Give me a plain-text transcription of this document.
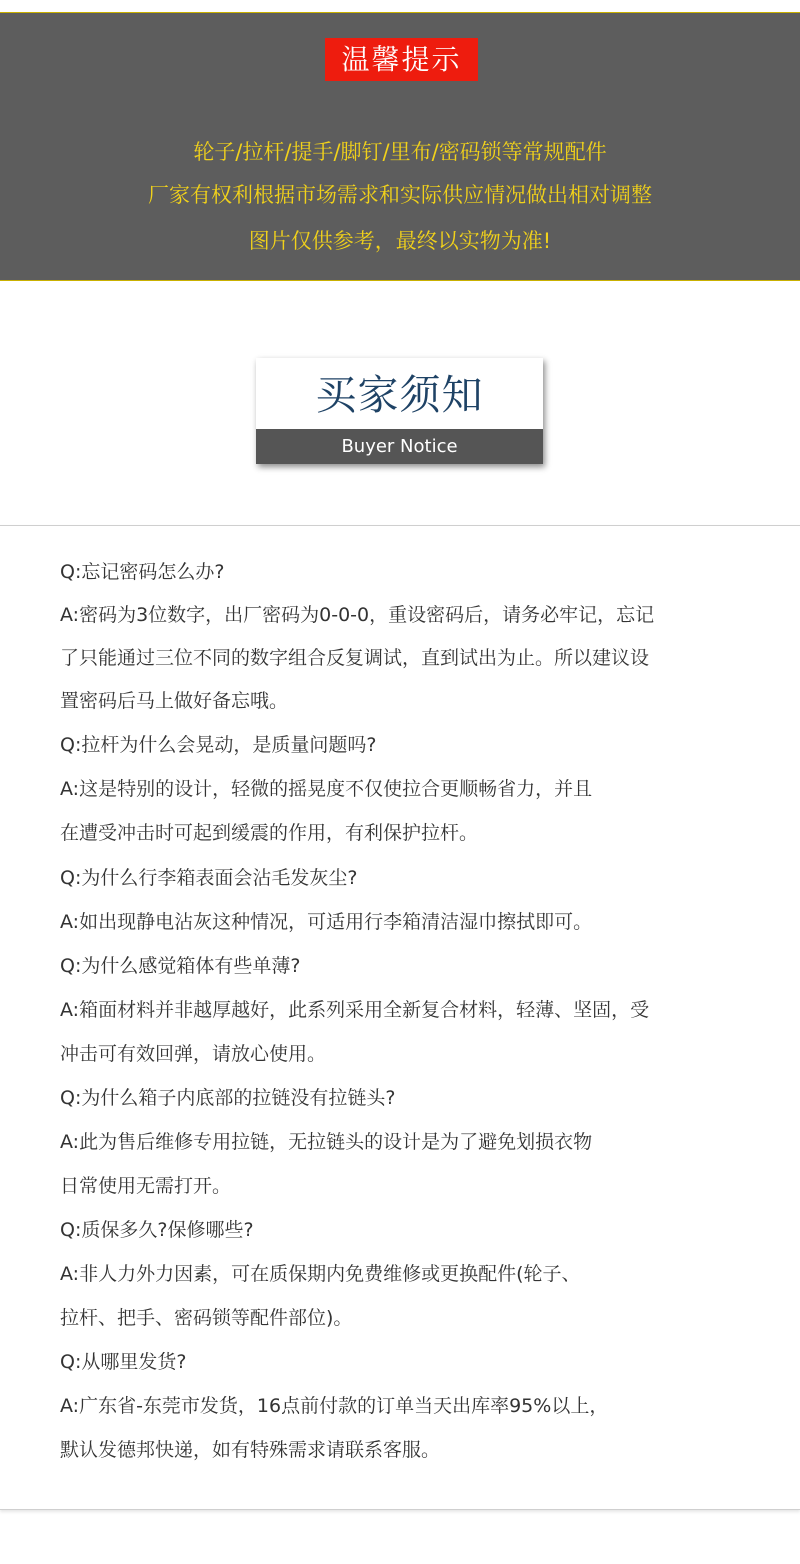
温馨提示
轮子/拉杆/提手/脚钉/里布/密码锁等常规配件
厂家有权利根据市场需求和实际供应情况做出相对调整
图片仅供参考，最终以实物为准!
买家须知
Buyer Notice
Q:忘记密码怎么办?
A:密码为3位数字，出厂密码为0-0-0，重设密码后，请务必牢记，忘记
了只能通过三位不同的数字组合反复调试，直到试出为止。所以建议设
置密码后马上做好备忘哦。
Q:拉杆为什么会晃动，是质量问题吗?
A:这是特别的设计，轻微的摇晃度不仅使拉合更顺畅省力，并且
在遭受冲击时可起到缓震的作用，有利保护拉杆。
Q:为什么行李箱表面会沾毛发灰尘?
A:如出现静电沾灰这种情况，可适用行李箱清洁湿巾擦拭即可。
Q:为什么感觉箱体有些单薄?
A:箱面材料并非越厚越好，此系列采用全新复合材料，轻薄、坚固，受
冲击可有效回弹，请放心使用。
Q:为什么箱子内底部的拉链没有拉链头?
A:此为售后维修专用拉链，无拉链头的设计是为了避免划损衣物
日常使用无需打开。
Q:质保多久?保修哪些?
A:非人力外力因素，可在质保期内免费维修或更换配件(轮子、
拉杆、把手、密码锁等配件部位)。
Q:从哪里发货?
A:广东省-东莞市发货，16点前付款的订单当天出库率95%以上，
默认发德邦快递，如有特殊需求请联系客服。
